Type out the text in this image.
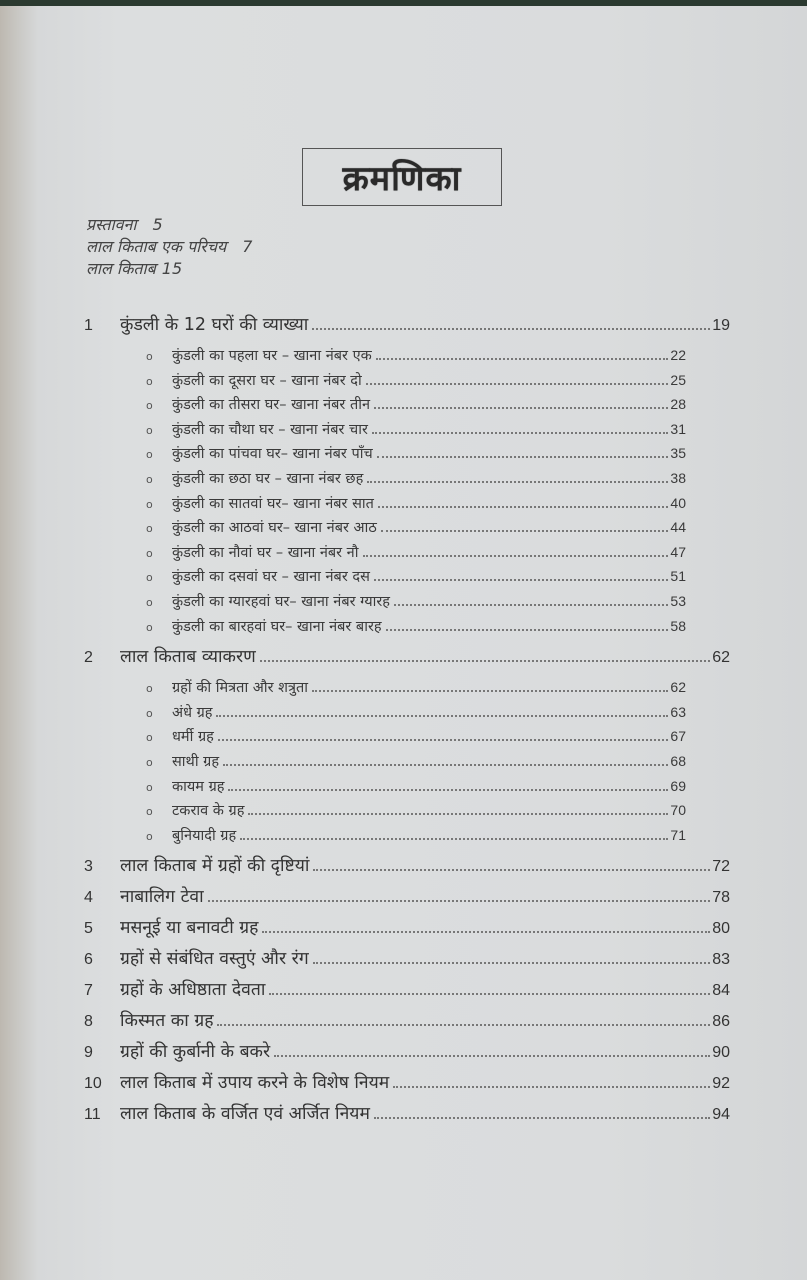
क्रमणिका
प्रस्तावना 5
लाल किताब एक परिचय 7
लाल किताब 15
1	कुंडली के 12 घरों की व्याख्या	19
o	कुंडली का पहला घर – खाना नंबर एक	22
o	कुंडली का दूसरा घर – खाना नंबर दो	25
o	कुंडली का तीसरा घर– खाना नंबर तीन	28
o	कुंडली का चौथा घर – खाना नंबर चार	31
o	कुंडली का पांचवा घर– खाना नंबर पाँच	35
o	कुंडली का छठा घर – खाना नंबर छह	38
o	कुंडली का सातवां घर– खाना नंबर सात	40
o	कुंडली का आठवां घर– खाना नंबर आठ	44
o	कुंडली का नौवां घर – खाना नंबर नौ	47
o	कुंडली का दसवां घर – खाना नंबर दस	51
o	कुंडली का ग्यारहवां घर– खाना नंबर ग्यारह	53
o	कुंडली का बारहवां घर– खाना नंबर बारह	58
2	लाल किताब व्याकरण	62
o	ग्रहों की मित्रता और शत्रुता	62
o	अंधे ग्रह	63
o	धर्मी ग्रह	67
o	साथी ग्रह	68
o	कायम ग्रह	69
o	टकराव के ग्रह	70
o	बुनियादी ग्रह	71
3	लाल किताब में ग्रहों की दृष्टियां	72
4	नाबालिग टेवा	78
5	मसनूई या बनावटी ग्रह	80
6	ग्रहों से संबंधित वस्तुएं और रंग	83
7	ग्रहों के अधिष्ठाता देवता	84
8	किस्मत का ग्रह	86
9	ग्रहों की कुर्बानी के बकरे	90
10	लाल किताब में उपाय करने के विशेष नियम	92
11	लाल किताब के वर्जित एवं अर्जित नियम	94
